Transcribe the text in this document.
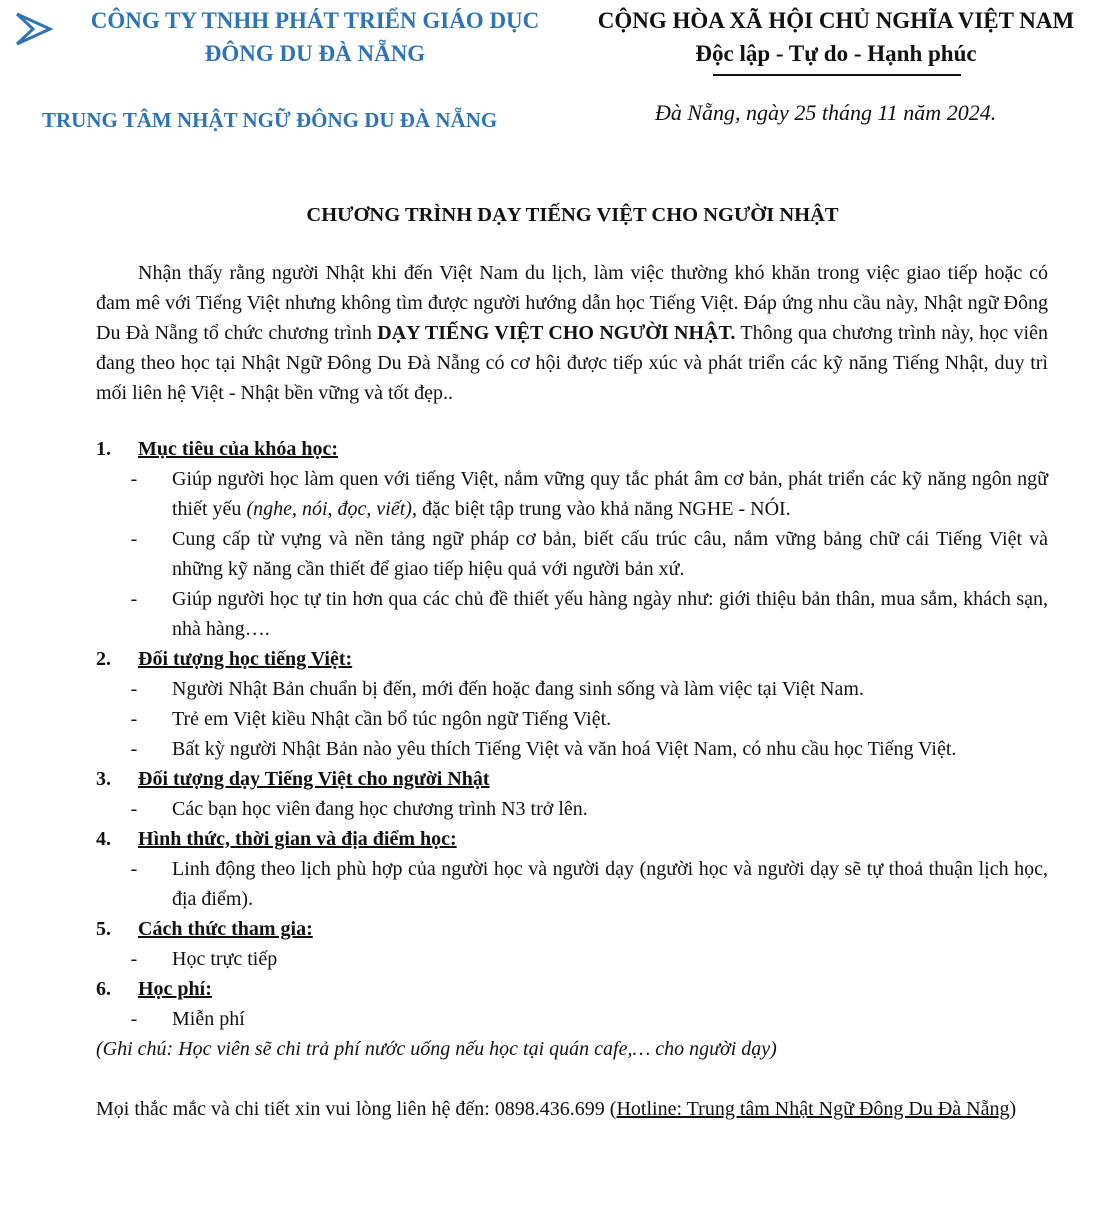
CÔNG TY TNHH PHÁT TRIỂN GIÁO DỤC
ĐÔNG DU ĐÀ NẴNG
CỘNG HÒA XÃ HỘI CHỦ NGHĨA VIỆT NAM
Độc lập - Tự do - Hạnh phúc
TRUNG TÂM NHẬT NGỮ ĐÔNG DU ĐÀ NẴNG	Đà Nẵng, ngày 25 tháng 11 năm 2024.
CHƯƠNG TRÌNH DẠY TIẾNG VIỆT CHO NGƯỜI NHẬT
Nhận thấy rằng người Nhật khi đến Việt Nam du lịch, làm việc thường khó khăn trong việc giao tiếp hoặc có đam mê với Tiếng Việt nhưng không tìm được người hướng dẫn học Tiếng Việt. Đáp ứng nhu cầu này, Nhật ngữ Đông Du Đà Nẵng tổ chức chương trình DẠY TIẾNG VIỆT CHO NGƯỜI NHẬT. Thông qua chương trình này, học viên đang theo học tại Nhật Ngữ Đông Du Đà Nẵng có cơ hội được tiếp xúc và phát triển các kỹ năng Tiếng Nhật, duy trì mối liên hệ Việt - Nhật bền vững và tốt đẹp..
1.	Mục tiêu của khóa học:
-	Giúp người học làm quen với tiếng Việt, nắm vững quy tắc phát âm cơ bản, phát triển các kỹ năng ngôn ngữ thiết yếu (nghe, nói, đọc, viết), đặc biệt tập trung vào khả năng NGHE - NÓI.
-	Cung cấp từ vựng và nền tảng ngữ pháp cơ bản, biết cấu trúc câu, nắm vững bảng chữ cái Tiếng Việt và những kỹ năng cần thiết để giao tiếp hiệu quả với người bản xứ.
-	Giúp người học tự tin hơn qua các chủ đề thiết yếu hàng ngày như: giới thiệu bản thân, mua sắm, khách sạn, nhà hàng….
2.	Đối tượng học tiếng Việt:
-	Người Nhật Bản chuẩn bị đến, mới đến hoặc đang sinh sống và làm việc tại Việt Nam.
-	Trẻ em Việt kiều Nhật cần bổ túc ngôn ngữ Tiếng Việt.
-	Bất kỳ người Nhật Bản nào yêu thích Tiếng Việt và văn hoá Việt Nam, có nhu cầu học Tiếng Việt.
3.	Đối tượng dạy Tiếng Việt cho người Nhật
-	Các bạn học viên đang học chương trình N3 trở lên.
4.	Hình thức, thời gian và địa điểm học:
-	Linh động theo lịch phù hợp của người học và người dạy (người học và người dạy sẽ tự thoả thuận lịch học, địa điểm).
5.	Cách thức tham gia:
-	Học trực tiếp
6.	Học phí:
-	Miễn phí
(Ghi chú: Học viên sẽ chi trả phí nước uống nếu học tại quán cafe,… cho người dạy)
Mọi thắc mắc và chi tiết xin vui lòng liên hệ đến: 0898.436.699 (Hotline: Trung tâm Nhật Ngữ Đông Du Đà Nẵng)
